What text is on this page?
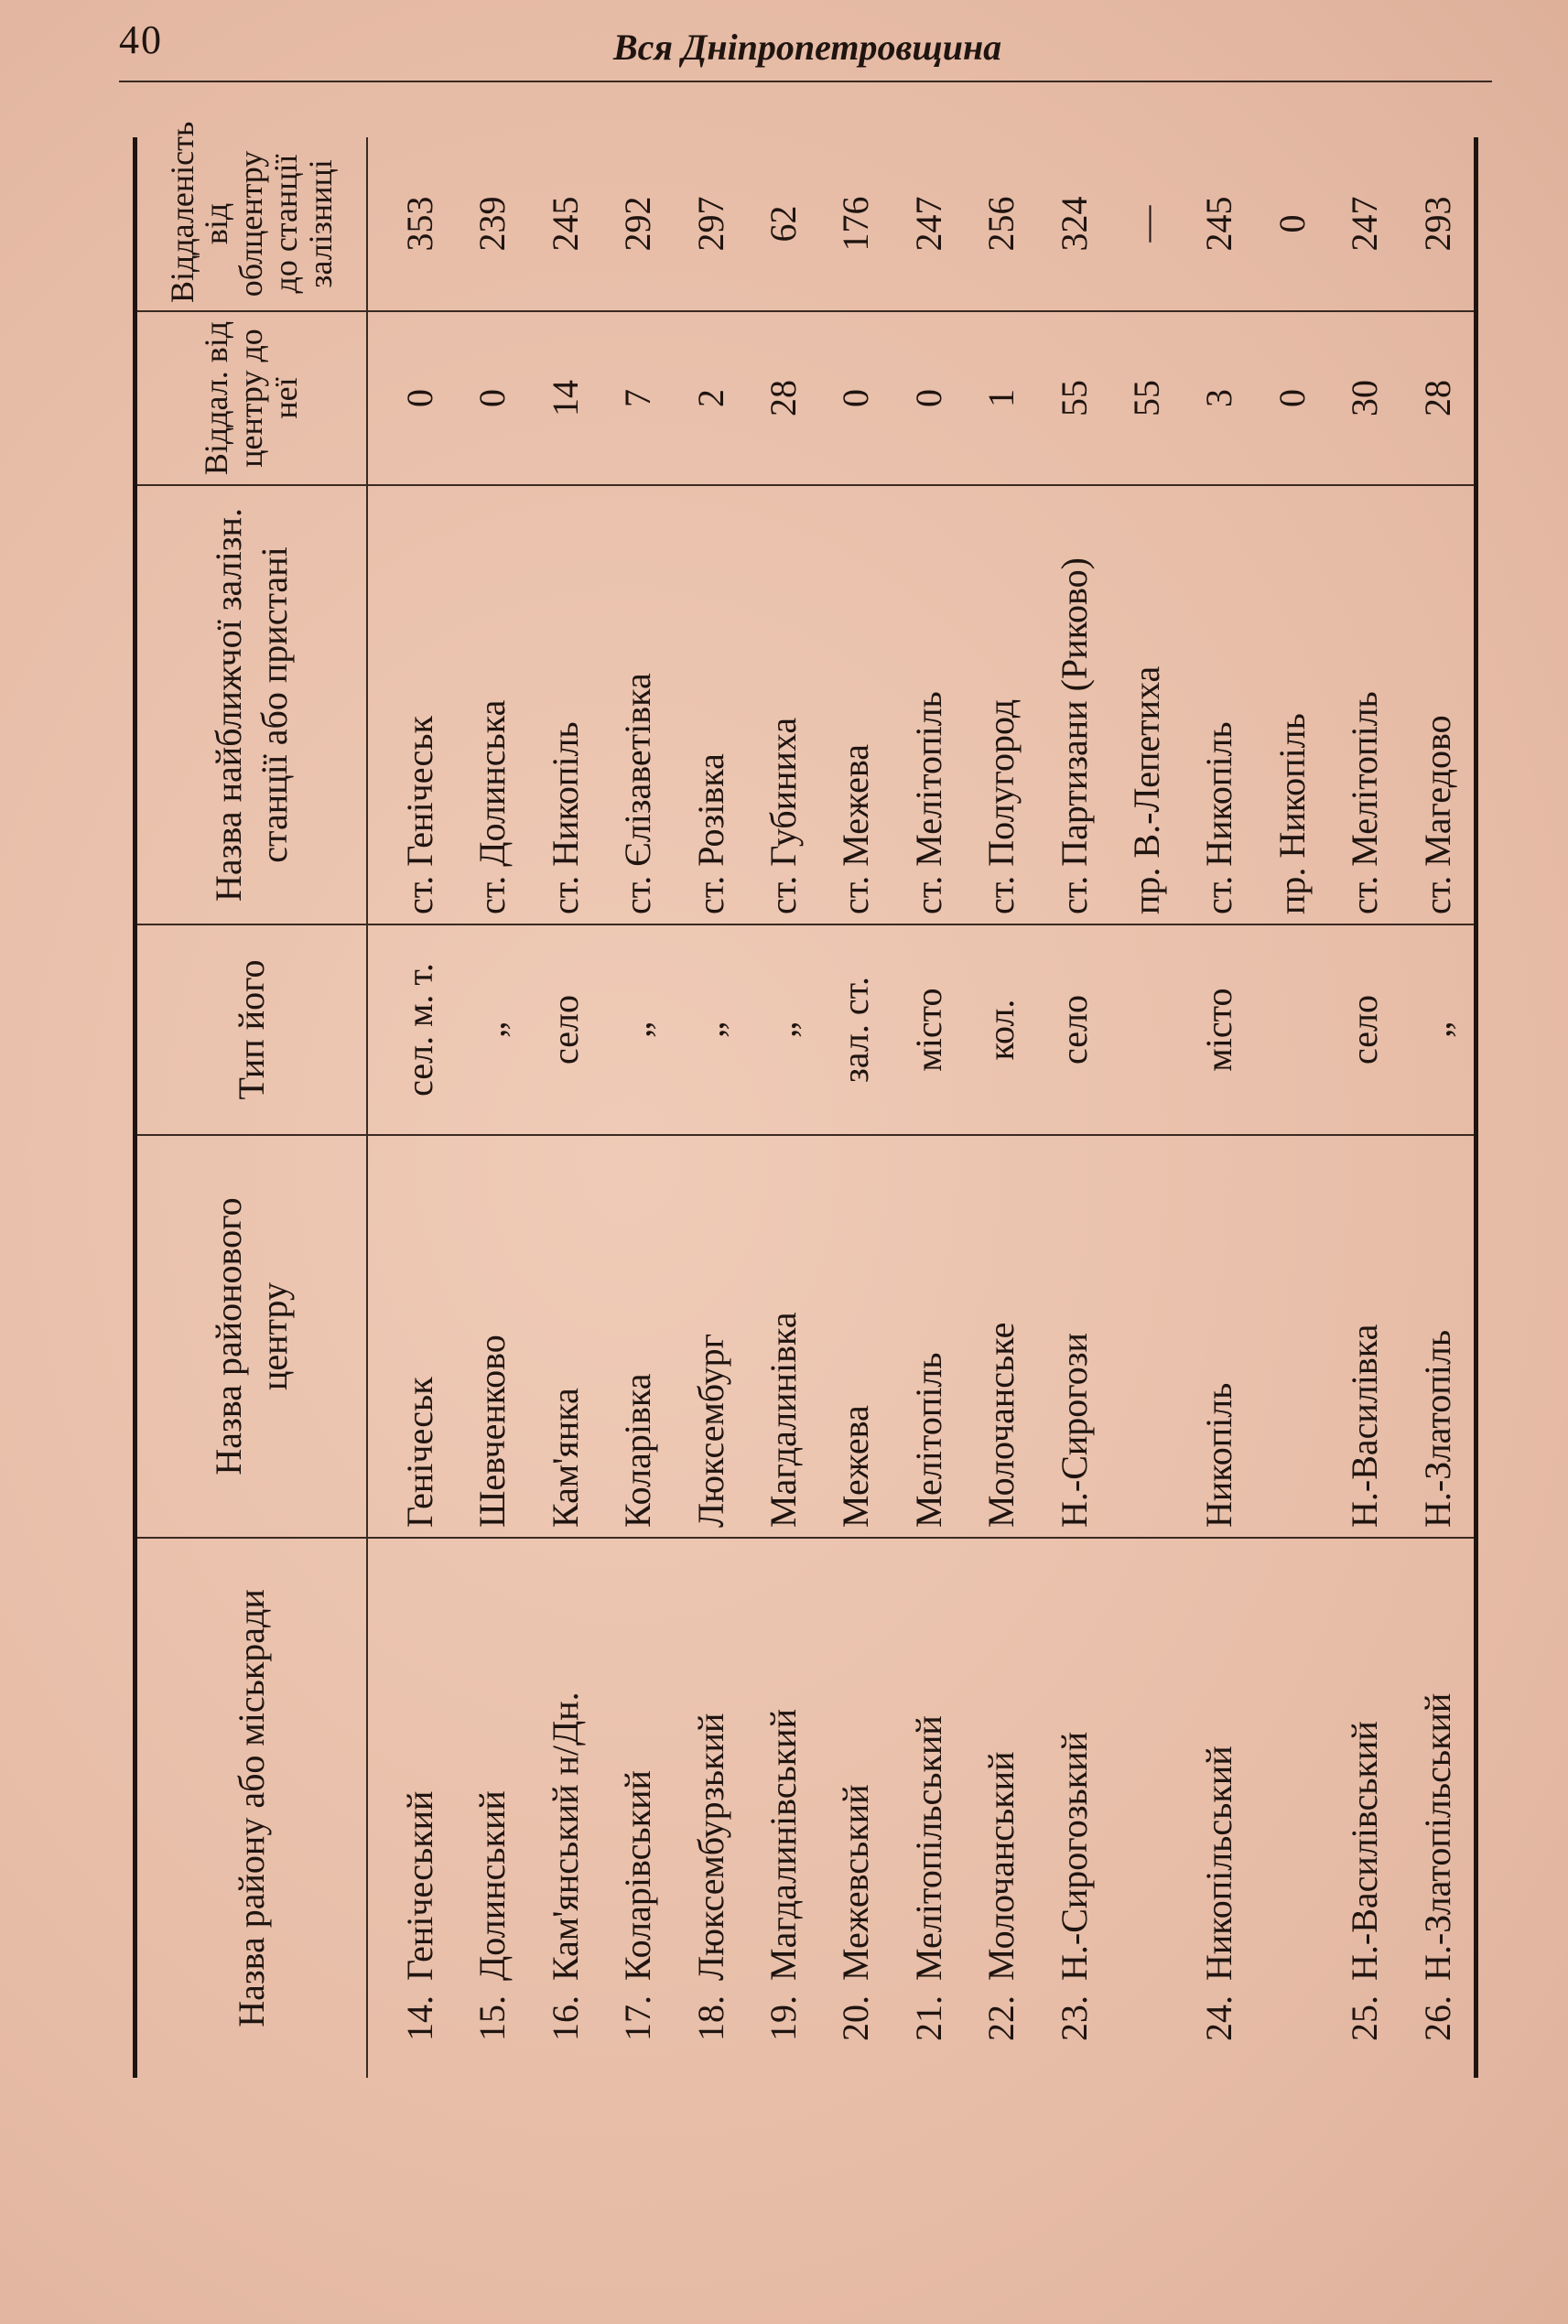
40	Вся Дніпропетровщина
Назва району або міськради	Назва районового центру	Тип його	Назва найближчої залізн. станції або пристані	Віддал. від центру до неї	Віддаленість від облцентру до станції залізниці
14.Генічеський	Генічеськ	сел. м. т.	ст. Генічеськ	0	353
15.Долинський	Шевченково	„	ст. Долинська	0	239
16.Кам'янський н/Дн.	Кам'янка	село	ст. Никопіль	14	245
17.Коларівський	Коларівка	„	ст. Єлізаветівка	7	292
18.Люксембурзький	Люксембург	„	ст. Розівка	2	297
19.Магдалинівський	Магдалинівка	„	ст. Губиниха	28	62
20.Межевський	Межева	зал. ст.	ст. Межева	0	176
21.Мелітопільський	Мелітопіль	місто	ст. Мелітопіль	0	247
22.Молочанський	Молочанське	кол.	ст. Полугород	1	256
23.Н.-Сирогозький	Н.-Сирогози	село	ст. Партизани (Риково)	55	324
			пр. В.-Лепетиха	55	—
24.Никопільський	Никопіль	місто	ст. Никопіль	3	245
			пр. Никопіль	0	0
25.Н.-Василівський	Н.-Василівка	село	ст. Мелітопіль	30	247
26.Н.-Златопільський	Н.-Златопіль	„	ст. Магедово	28	293
